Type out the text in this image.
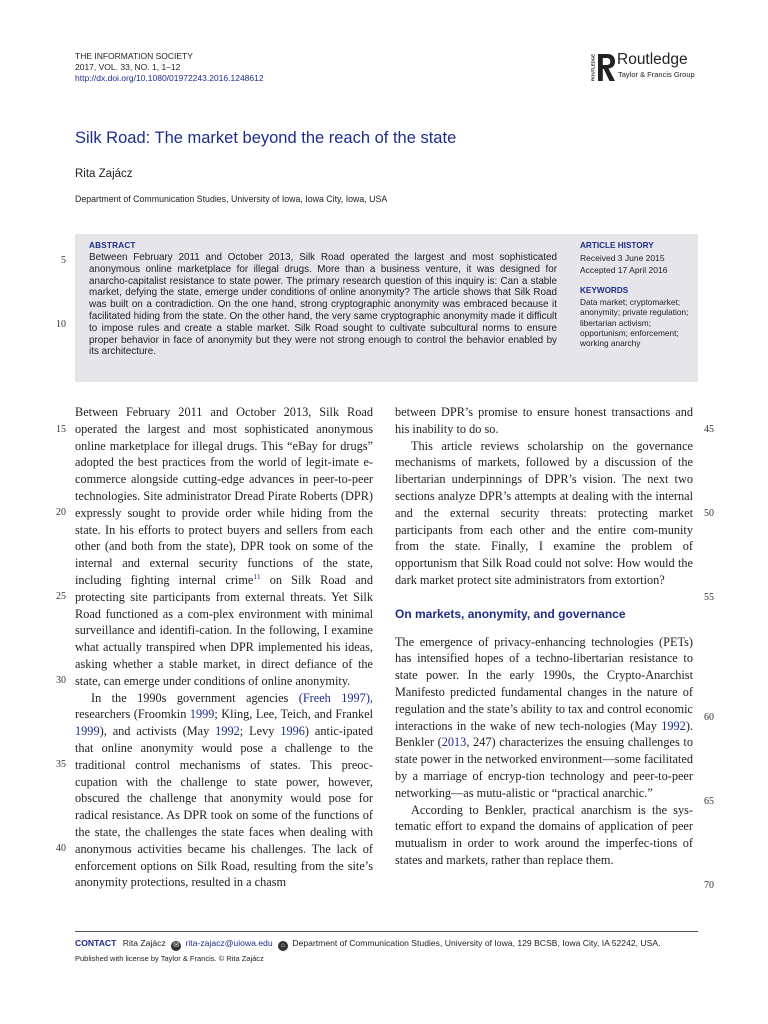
THE INFORMATION SOCIETY
2017, VOL. 33, NO. 1, 1–12
http://dx.doi.org/10.1080/01972243.2016.1248612	ROUTLEDGE Routledge
Taylor & Francis Group
Silk Road: The market beyond the reach of the state
Rita Zajácz
Department of Communication Studies, University of Iowa, Iowa City, Iowa, USA
ABSTRACT
Between February 2011 and October 2013, Silk Road operated the largest and most sophisticated anonymous online marketplace for illegal drugs. More than a business venture, it was designed for anarcho-capitalist resistance to state power. The primary research question of this inquiry is: Can a stable market, defying the state, emerge under conditions of online anonymity? The article shows that Silk Road was built on a contradiction. On the one hand, strong cryptographic anonymity was embraced because it facilitated hiding from the state. On the other hand, the very same cryptographic anonymity made it difficult to impose rules and create a stable market. Silk Road sought to cultivate subcultural norms to ensure proper behavior in face of anonymity but they were not strong enough to control the behavior enabled by its architecture.
ARTICLE HISTORY
Received 3 June 2015
Accepted 17 April 2016
KEYWORDS
Data market; cryptomarket; anonymity; private regulation; libertarian activism; opportunism; enforcement; working anarchy
5
10
15
20
25
30
35
40
45
50
55
60
65
70

Between February 2011 and October 2013, Silk Road operated the largest and most sophisticated anonymous online marketplace for illegal drugs. This “eBay for drugs” adopted the best practices from the world of legit-imate e-commerce alongside cutting-edge advances in peer-to-peer technologies. Site administrator Dread Pirate Roberts (DPR) expressly sought to provide order while hiding from the state. In his efforts to protect buyers and sellers from each other (and both from the state), DPR took on some of the internal and external security functions of the state, including fighting internal crime$^{11}$ on Silk Road and protecting site participants from external threats. Yet Silk Road functioned as a com-plex environment with minimal surveillance and identifi-cation. In the following, I examine what actually transpired when DPR implemented his ideas, asking whether a stable market, in direct defiance of the state, can emerge under conditions of online anonymity.

In the 1990s government agencies (Freeh 1997), researchers (Froomkin 1999; Kling, Lee, Teich, and Frankel 1999), and activists (May 1992; Levy 1996) antic-ipated that online anonymity would pose a challenge to the traditional control mechanisms of states. This preoc-cupation with the challenge to state power, however, obscured the challenge that anonymity would pose for radical resistance. As DPR took on some of the functions of the state, the challenges the state faces when dealing with anonymous activities became his challenges. The lack of enforcement options on Silk Road, resulting from the site’s anonymity protections, resulted in a chasm

between DPR’s promise to ensure honest transactions and his inability to do so.

This article reviews scholarship on the governance mechanisms of markets, followed by a discussion of the libertarian underpinnings of DPR’s vision. The next two sections analyze DPR’s attempts at dealing with the internal and the external security threats: protecting market participants from each other and the entire com-munity from the state. Finally, I examine the problem of opportunism that Silk Road could not solve: How would the dark market protect site administrators from extortion?

On markets, anonymity, and governance

The emergence of privacy-enhancing technologies (PETs) has intensified hopes of a techno-libertarian resistance to state power. In the early 1990s, the Crypto-Anarchist Manifesto predicted fundamental changes in the nature of regulation and the state’s ability to tax and control economic interactions in the wake of new tech-nologies (May 1992). Benkler (2013, 247) characterizes the ensuing challenges to state power in the networked environment—some facilitated by a marriage of encryp-tion technology and peer-to-peer networking—as mutu-alistic or “practical anarchic.”

According to Benkler, practical anarchism is the sys-tematic effort to expand the domains of application of peer mutualism in order to work around the imperfec-tions of states and markets, rather than replace them.

CONTACT Rita Zajácz ✉ rita-zajacz@uiowa.edu ⌂ Department of Communication Studies, University of Iowa, 129 BCSB, Iowa City, IA 52242, USA.
Published with license by Taylor & Francis. © Rita Zajácz
